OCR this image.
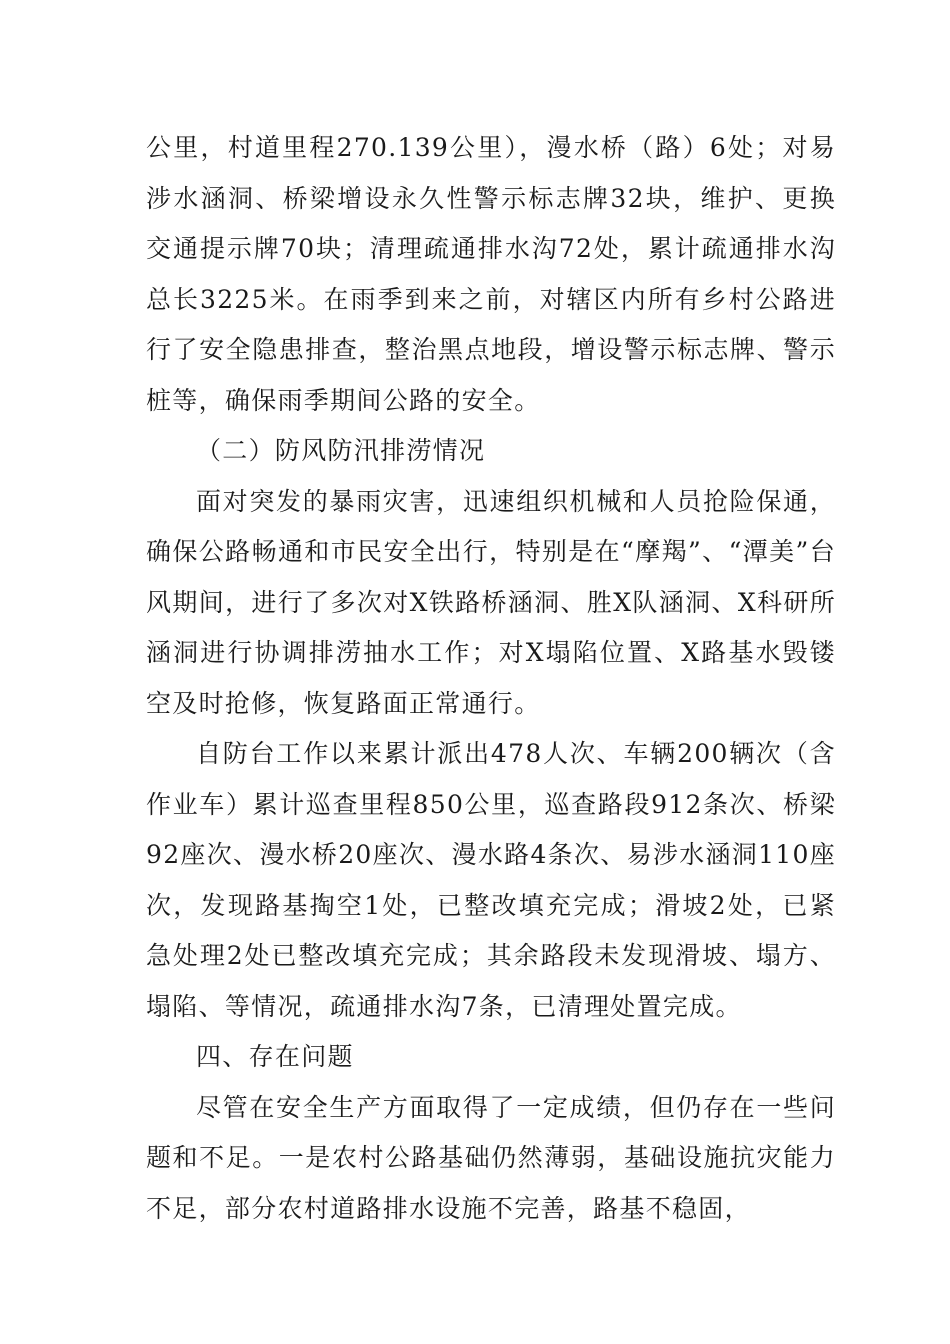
公里，村道里程270.139公里），漫水桥（路）6处；对易涉水涵洞、桥梁增设永久性警示标志牌32块，维护、更换交通提示牌70块；清理疏通排水沟72处，累计疏通排水沟总长3225米。在雨季到来之前，对辖区内所有乡村公路进行了安全隐患排查，整治黑点地段，增设警示标志牌、警示桩等，确保雨季期间公路的安全。

（二）防风防汛排涝情况

面对突发的暴雨灾害，迅速组织机械和人员抢险保通，确保公路畅通和市民安全出行，特别是在“摩羯”、“潭美”台风期间，进行了多次对X铁路桥涵洞、胜X队涵洞、X科研所涵洞进行协调排涝抽水工作；对X塌陷位置、X路基水毁镂空及时抢修，恢复路面正常通行。

自防台工作以来累计派出478人次、车辆200辆次（含作业车）累计巡查里程850公里，巡查路段912条次、桥梁92座次、漫水桥20座次、漫水路4条次、易涉水涵洞110座次，发现路基掏空1处，已整改填充完成；滑坡2处，已紧急处理2处已整改填充完成；其余路段未发现滑坡、塌方、塌陷、等情况，疏通排水沟7条，已清理处置完成。

四、存在问题

尽管在安全生产方面取得了一定成绩，但仍存在一些问题和不足。一是农村公路基础仍然薄弱，基础设施抗灾能力不足，部分农村道路排水设施不完善，路基不稳固，
